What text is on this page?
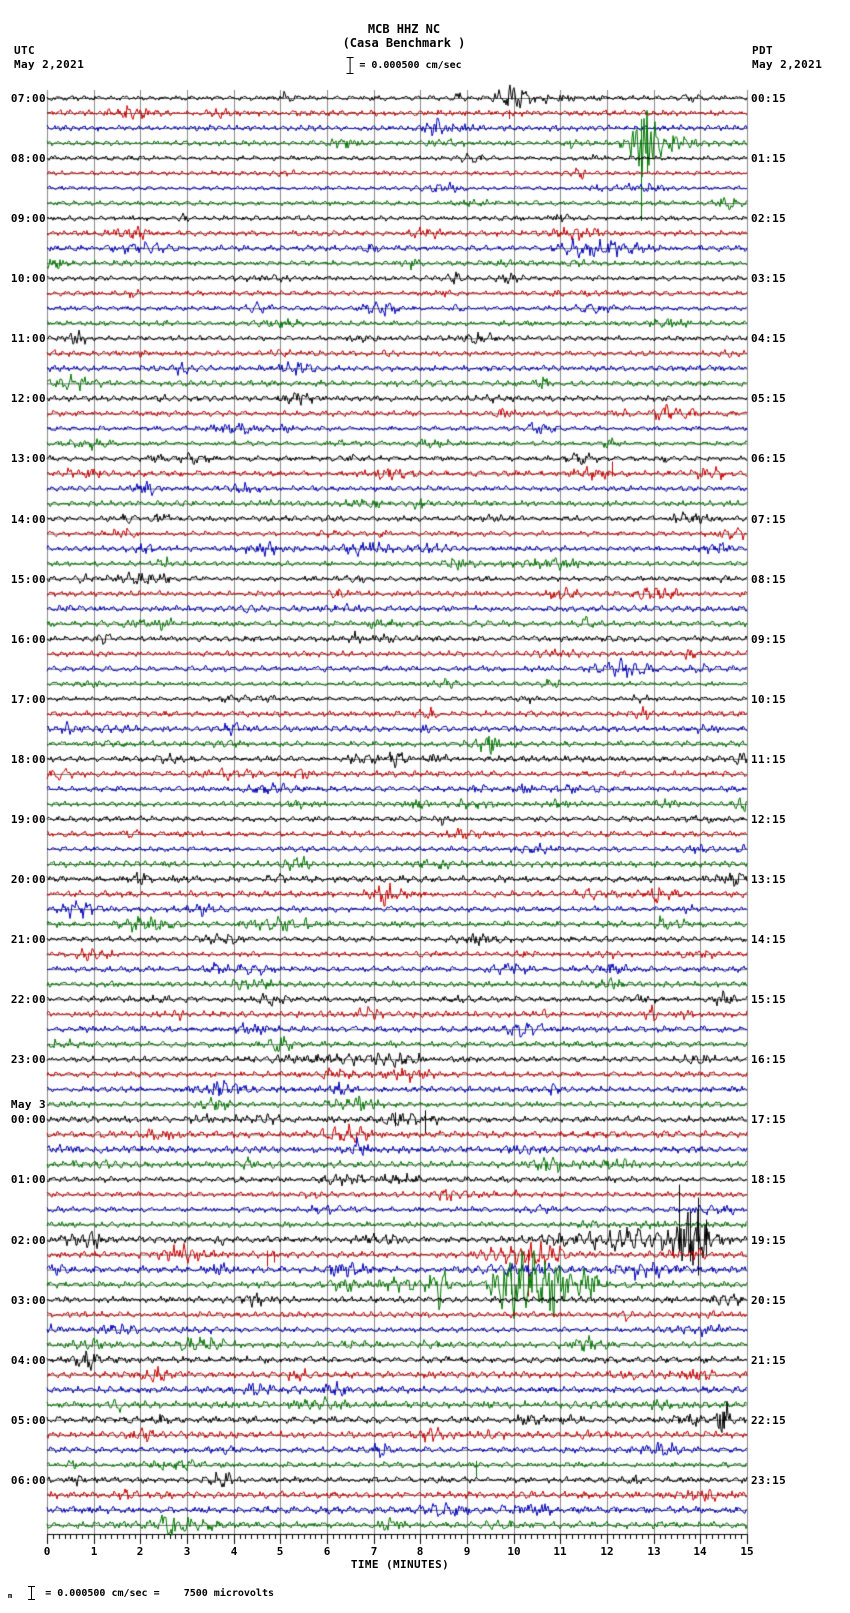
MCB HHZ NC
(Casa Benchmark )
= 0.000500 cm/sec
UTC
May 2,2021
PDT
May 2,2021
07:00
08:00
09:00
10:00
11:00
12:00
13:00
14:00
15:00
16:00
17:00
18:00
19:00
20:00
21:00
22:00
23:00
May 3
00:00
01:00
02:00
03:00
04:00
05:00
06:00
00:15
01:15
02:15
03:15
04:15
05:15
06:15
07:15
08:15
09:15
10:15
11:15
12:15
13:15
14:15
15:15
16:15
17:15
18:15
19:15
20:15
21:15
22:15
23:15
0	1	2	3	4	5	6	7	8	9	10	11	12	13	14	15
TIME (MINUTES)
m	= 0.000500 cm/sec =    7500 microvolts
